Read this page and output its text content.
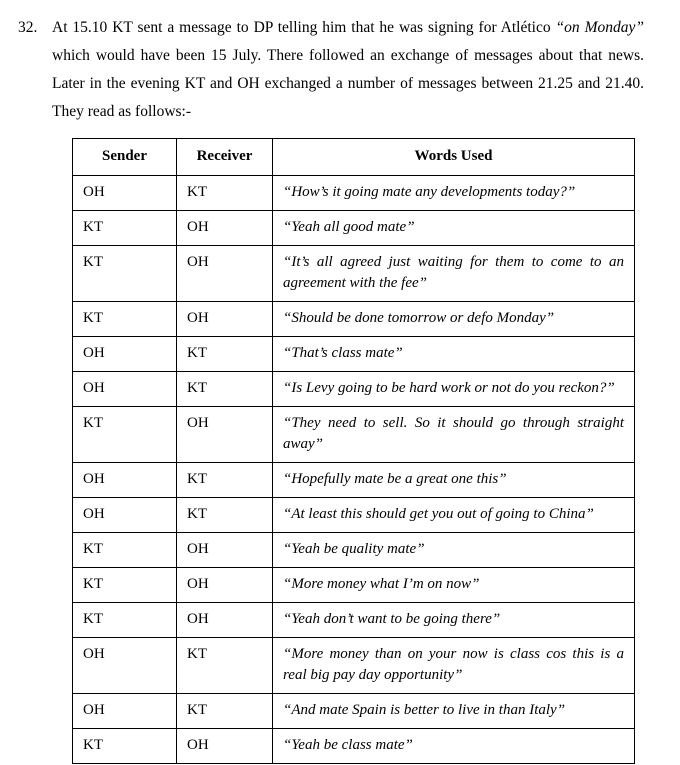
32. At 15.10 KT sent a message to DP telling him that he was signing for Atlético “on Monday” which would have been 15 July. There followed an exchange of messages about that news. Later in the evening KT and OH exchanged a number of messages between 21.25 and 21.40. They read as follows:-
Sender	Receiver	Words Used
OH	KT	“How’s it going mate any developments today?”
KT	OH	“Yeah all good mate”
KT	OH	“It’s all agreed just waiting for them to come to an agreement with the fee”
KT	OH	“Should be done tomorrow or defo Monday”
OH	KT	“That’s class mate”
OH	KT	“Is Levy going to be hard work or not do you reckon?”
KT	OH	“They need to sell. So it should go through straight away”
OH	KT	“Hopefully mate be a great one this”
OH	KT	“At least this should get you out of going to China”
KT	OH	“Yeah be quality mate”
KT	OH	“More money what I’m on now”
KT	OH	“Yeah don’t want to be going there”
OH	KT	“More money than on your now is class cos this is a real big pay day opportunity”
OH	KT	“And mate Spain is better to live in than Italy”
KT	OH	“Yeah be class mate”
